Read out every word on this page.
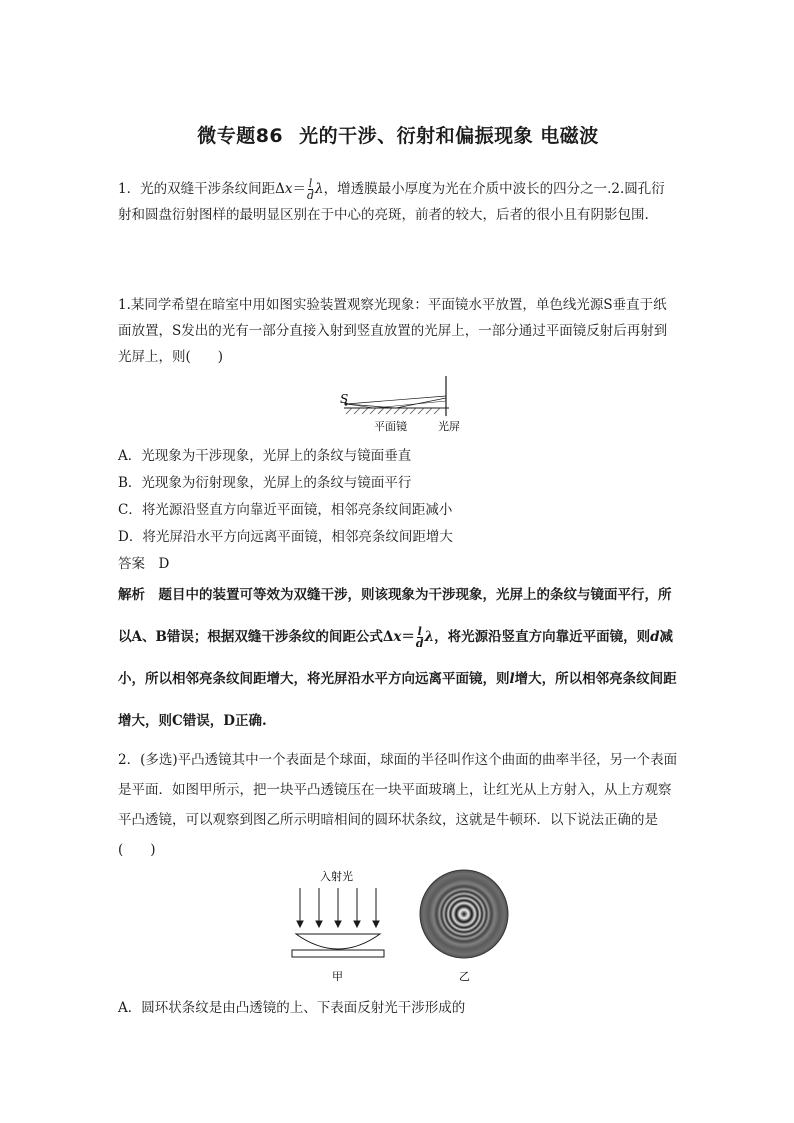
微专题86 光的干涉、衍射和偏振现象 电磁波
1．光的双缝干涉条纹间距$\Delta x= \frac{l}{d}$ λ，增透膜最小厚度为光在介质中波长的四分之一.2.圆孔衍射和圆盘衍射图样的最明显区别在于中心的亮斑，前者的较大，后者的很小且有阴影包围.
1.某同学希望在暗室中用如图实验装置观察光现象：平面镜水平放置，单色线光源S垂直于纸面放置，S发出的光有一部分直接入射到竖直放置的光屏上，一部分通过平面镜反射后再射到光屏上，则(　　)
S
平面镜	光屏
A．光现象为干涉现象，光屏上的条纹与镜面垂直
B．光现象为衍射现象，光屏上的条纹与镜面平行
C．将光源沿竖直方向靠近平面镜，相邻亮条纹间距减小
D．将光屏沿水平方向远离平面镜，相邻亮条纹间距增大
答案　D
解析　题目中的装置可等效为双缝干涉，则该现象为干涉现象，光屏上的条纹与镜面平行，所以A、B错误；根据双缝干涉条纹的间距公式$\Delta x= \frac{l}{d}$ λ，将光源沿竖直方向靠近平面镜，则d减小，所以相邻亮条纹间距增大，将光屏沿水平方向远离平面镜，则l增大，所以相邻亮条纹间距增大，则C错误，D正确.
2．(多选)平凸透镜其中一个表面是个球面，球面的半径叫作这个曲面的曲率半径，另一个表面是平面．如图甲所示，把一块平凸透镜压在一块平面玻璃上，让红光从上方射入，从上方观察平凸透镜，可以观察到图乙所示明暗相间的圆环状条纹，这就是牛顿环．以下说法正确的是(　　)
入射光
甲	乙
A．圆环状条纹是由凸透镜的上、下表面反射光干涉形成的
